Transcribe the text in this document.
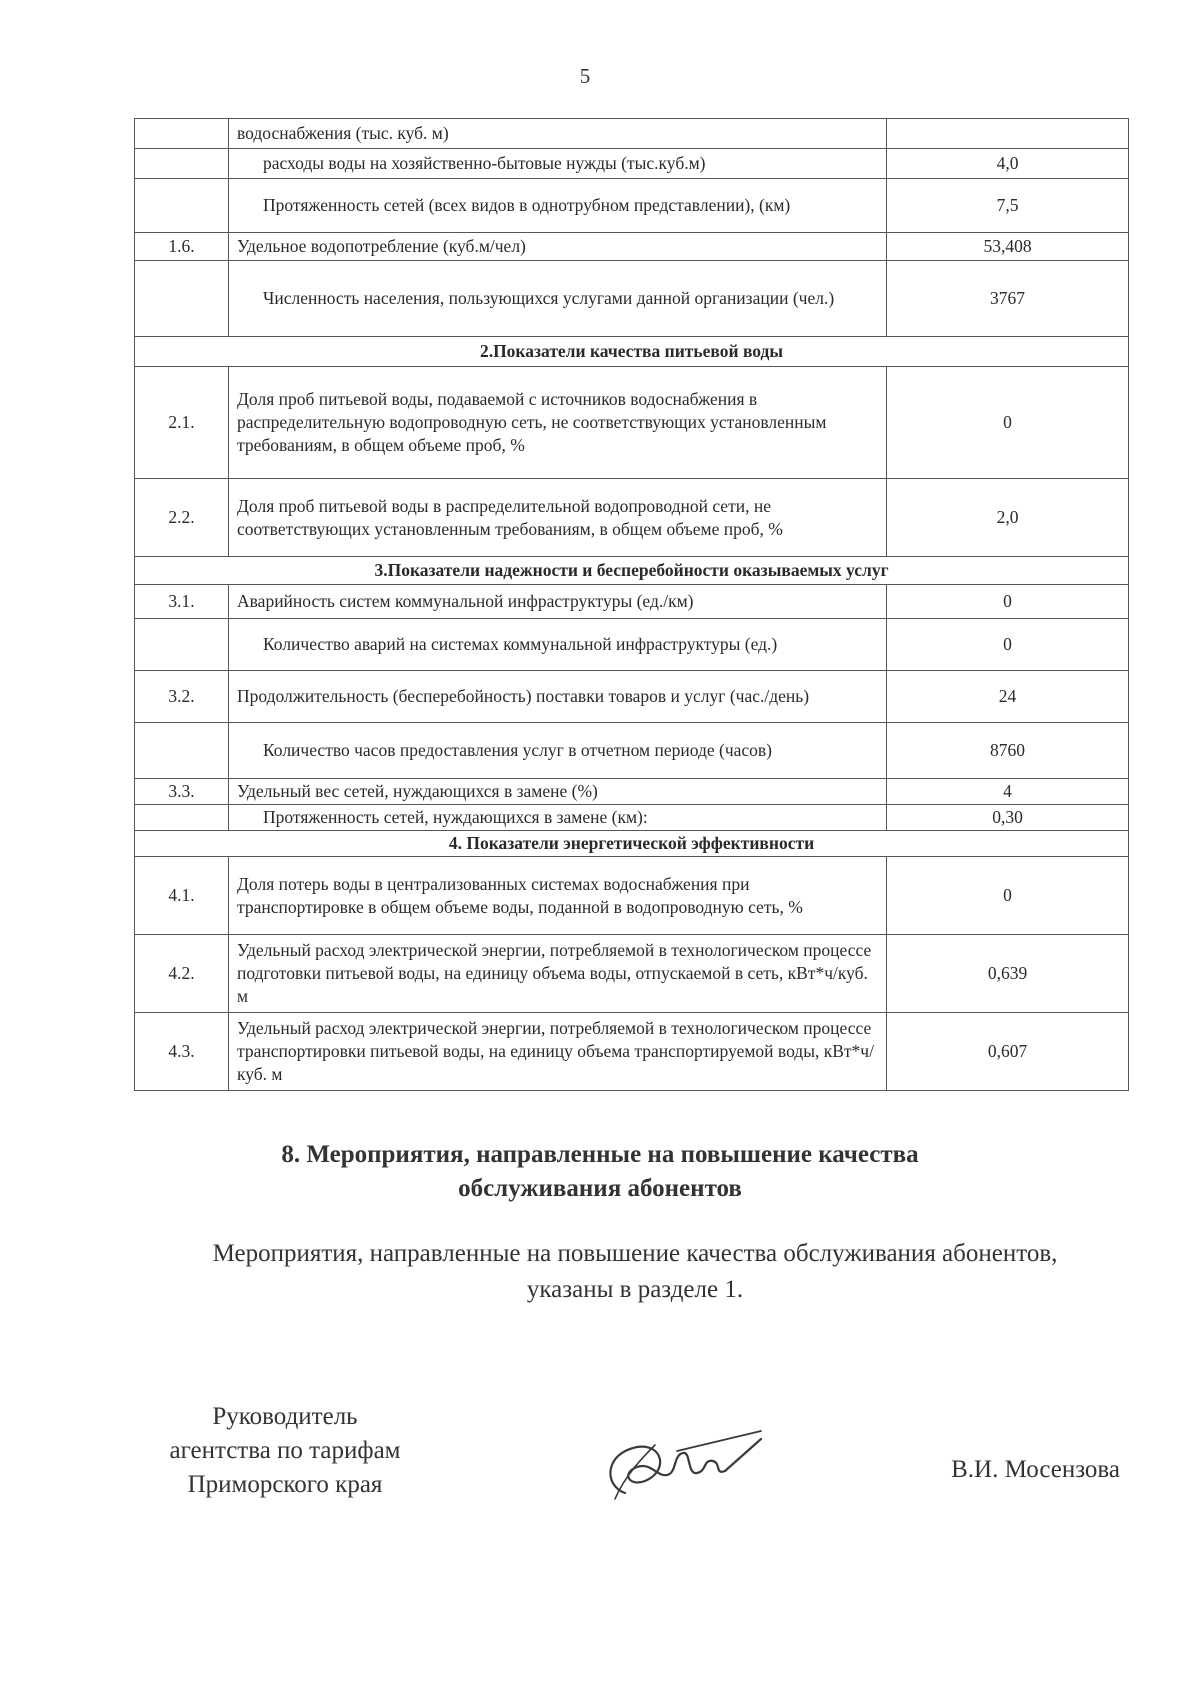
5
	водоснабжения (тыс. куб. м)	
	расходы воды на хозяйственно-бытовые нужды (тыс.куб.м)	4,0
	Протяженность сетей (всех видов в однотрубном представлении), (км)	7,5
1.6.	Удельное водопотребление (куб.м/чел)	53,408
	Численность населения, пользующихся услугами данной организации (чел.)	3767
2.Показатели качества питьевой воды		
2.1.	Доля проб питьевой воды, подаваемой с источников водоснабжения в распределительную водопроводную сеть, не соответствующих установленным требованиям, в общем объеме проб, %	0
2.2.	Доля проб питьевой воды в распределительной водопроводной сети, не соответствующих установленным требованиям, в общем объеме проб, %	2,0
3.Показатели надежности и бесперебойности оказываемых услуг		
3.1.	Аварийность систем коммунальной инфраструктуры (ед./км)	0
	Количество аварий на системах коммунальной инфраструктуры (ед.)	0
3.2.	Продолжительность (бесперебойность) поставки товаров и услуг (час./день)	24
	Количество часов предоставления услуг в отчетном периоде (часов)	8760
3.3.	Удельный вес сетей, нуждающихся в замене (%)	4
	Протяженность сетей, нуждающихся в замене (км):	0,30
4. Показатели энергетической эффективности		
4.1.	Доля потерь воды в централизованных системах водоснабжения при транспортировке в общем объеме воды, поданной в водопроводную сеть, %	0
4.2.	Удельный расход электрической энергии, потребляемой в технологическом процессе подготовки питьевой воды, на единицу объема воды, отпускаемой в сеть, кВт*ч/куб. м	0,639
4.3.	Удельный расход электрической энергии, потребляемой в технологическом процессе транспортировки питьевой воды, на единицу объема транспортируемой воды, кВт*ч/куб. м	0,607
8. Мероприятия, направленные на повышение качества
обслуживания абонентов
Мероприятия, направленные на повышение качества обслуживания абонентов,
указаны в разделе 1.
Руководитель
агентства по тарифам
Приморского края
В.И. Мосензова
